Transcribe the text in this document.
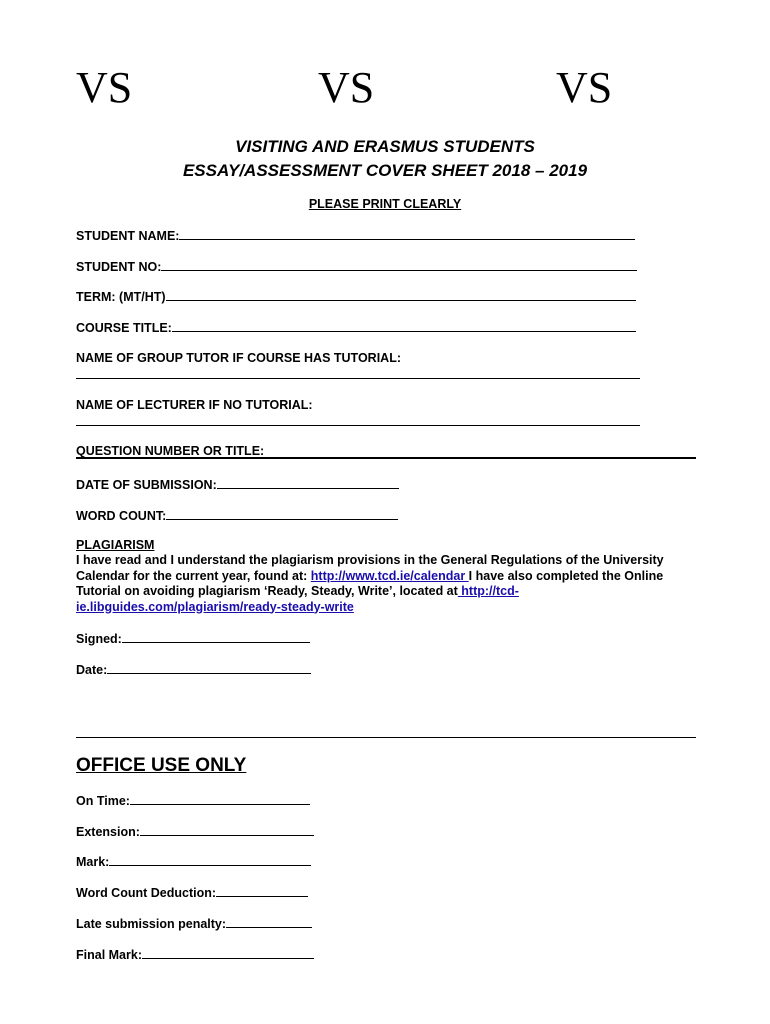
VS	VS	VS
VISITING AND ERASMUS STUDENTS
ESSAY/ASSESSMENT COVER SHEET 2018 – 2019
PLEASE PRINT CLEARLY
STUDENT NAME:
STUDENT NO:
TERM: (MT/HT)
COURSE TITLE:
NAME OF GROUP TUTOR IF COURSE HAS TUTORIAL:
NAME OF LECTURER IF NO TUTORIAL:
QUESTION NUMBER OR TITLE:
DATE OF SUBMISSION:
WORD COUNT:
PLAGIARISM
I have read and I understand the plagiarism provisions in the General Regulations of the University Calendar for the current year, found at: http://www.tcd.ie/calendar I have also completed the Online Tutorial on avoiding plagiarism ‘Ready, Steady, Write’, located at http://tcd-ie.libguides.com/plagiarism/ready-steady-write
Signed:
Date:
OFFICE USE ONLY
On Time:
Extension:
Mark:
Word Count Deduction:
Late submission penalty:
Final Mark:
